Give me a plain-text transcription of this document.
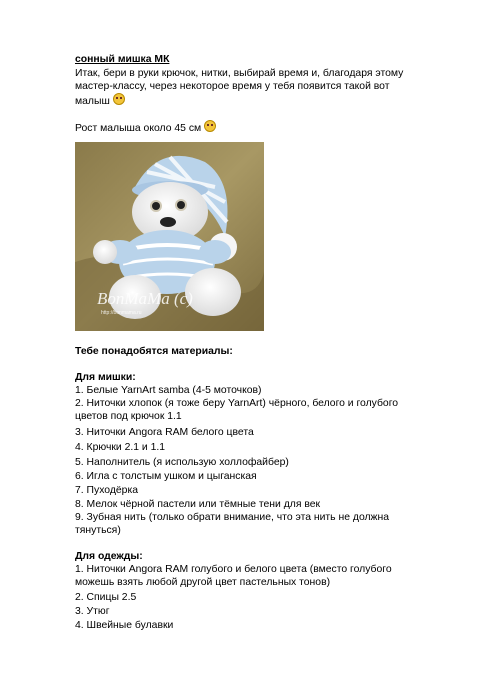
сонный мишка МК
Итак, бери в руки крючок, нитки, выбирай время и, благодаря этому
мастер-классу, через некоторое время у тебя появится такой вот
малыш
Рост малыша около 45 см
BonMaMa (c)
http://bonmama.ru
Тебе понадобятся материалы:
Для мишки:
1. Белые YarnArt samba (4-5 моточков)
2. Ниточки хлопок (я тоже беру YarnArt) чёрного, белого и голубого
цветов под крючок 1.1
3. Ниточки Angora RAM белого цвета
4. Крючки 2.1 и 1.1
5. Наполнитель (я использую холлофайбер)
6. Игла с толстым ушком и цыганская
7. Пуходёрка
8. Мелок чёрной пастели или тёмные тени для век
9. Зубная нить (только обрати внимание, что эта нить не должна
тянуться)
Для одежды:
1. Ниточки Angora RAM голубого и белого цвета (вместо голубого
можешь взять любой другой цвет пастельных тонов)
2. Спицы 2.5
3. Утюг
4. Швейные булавки
